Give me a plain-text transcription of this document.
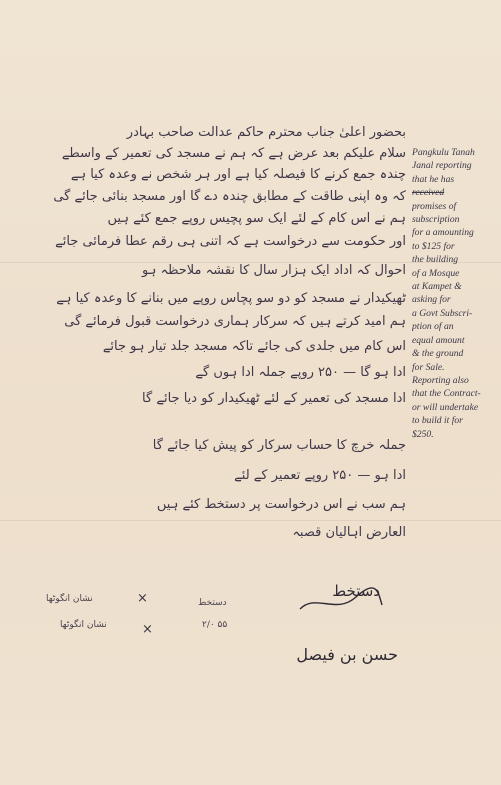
بحضور اعلیٰ جناب محترم حاکم عدالت صاحب بہادر
سلام علیکم بعد عرض ہے کہ ہم نے مسجد کی تعمیر کے واسطے
چندہ جمع کرنے کا فیصلہ کیا ہے اور ہر شخص نے وعدہ کیا ہے
کہ وہ اپنی طاقت کے مطابق چندہ دے گا اور مسجد بنائی جائے گی
ہم نے اس کام کے لئے ایک سو پچیس روپے جمع کئے ہیں
اور حکومت سے درخواست ہے کہ اتنی ہی رقم عطا فرمائی جائے
احوال کہ اداد ایک ہزار سال کا نقشہ ملاحظہ ہو
ٹھیکیدار نے مسجد کو دو سو پچاس روپے میں بنانے کا وعدہ کیا ہے
ہم امید کرتے ہیں کہ سرکار ہماری درخواست قبول فرمائے گی
اس کام میں جلدی کی جائے تاکہ مسجد جلد تیار ہو جائے
ادا ہو گا — ۲۵۰ روپے جملہ ادا ہوں گے
ادا مسجد کی تعمیر کے لئے ٹھیکیدار کو دیا جائے گا
جملہ خرچ کا حساب سرکار کو پیش کیا جائے گا
ادا ہو — ۲۵۰ روپے تعمیر کے لئے
ہم سب نے اس درخواست پر دستخط کئے ہیں
العارض اہالیان قصبہ
Pangkulu Tanah
Janal reporting
that he has
received
promises of
subscription
for a amounting
to $125 for
the building
of a Mosque
at Kampet &
asking for
a Govt Subscri-
ption of an
equal amount
& the ground
for Sale.
Reporting also
that the Contract-
or will undertake
to build it for
$250.
×
نشان انگوٹھا
×
نشان انگوٹھا
دستخط
۲/۰ ۵۵
دستخط
حسن بن فیصل
